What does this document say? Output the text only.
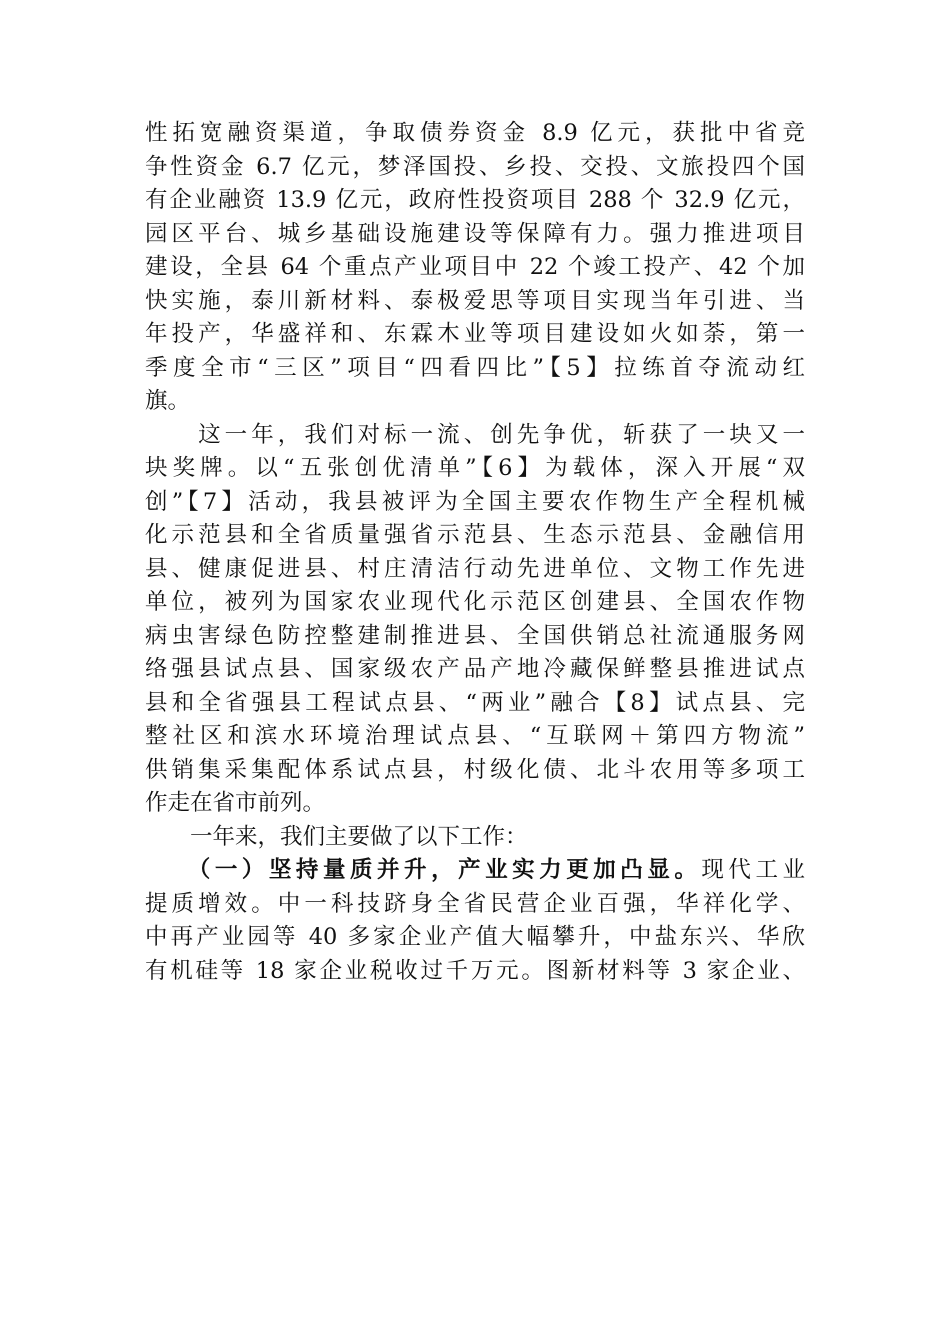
性拓宽融资渠道，争取债券资金 8.9 亿元，获批中省竞
争性资金 6.7 亿元，梦泽国投、乡投、交投、文旅投四个国
有企业融资 13.9 亿元，政府性投资项目 288 个 32.9 亿元，
园区平台、城乡基础设施建设等保障有力。强力推进项目
建设，全县 64 个重点产业项目中 22 个竣工投产、42 个加
快实施，泰川新材料、泰极爱思等项目实现当年引进、当
年投产，华盛祥和、东霖木业等项目建设如火如荼，第一
季度全市“三区”项目“四看四比”【5】拉练首夺流动红
旗。
　　这一年，我们对标一流、创先争优，斩获了一块又一
块奖牌。以“五张创优清单”【6】为载体，深入开展“双
创”【7】活动，我县被评为全国主要农作物生产全程机械
化示范县和全省质量强省示范县、生态示范县、金融信用
县、健康促进县、村庄清洁行动先进单位、文物工作先进
单位，被列为国家农业现代化示范区创建县、全国农作物
病虫害绿色防控整建制推进县、全国供销总社流通服务网
络强县试点县、国家级农产品产地冷藏保鲜整县推进试点
县和全省强县工程试点县、“两业”融合【8】试点县、完
整社区和滨水环境治理试点县、“互联网＋第四方物流”
供销集采集配体系试点县，村级化债、北斗农用等多项工
作走在省市前列。
　　一年来，我们主要做了以下工作：
　　（一）坚持量质并升，产业实力更加凸显。现代工业
提质增效。中一科技跻身全省民营企业百强，华祥化学、
中再产业园等 40 多家企业产值大幅攀升，中盐东兴、华欣
有机硅等 18 家企业税收过千万元。图新材料等 3 家企业、
